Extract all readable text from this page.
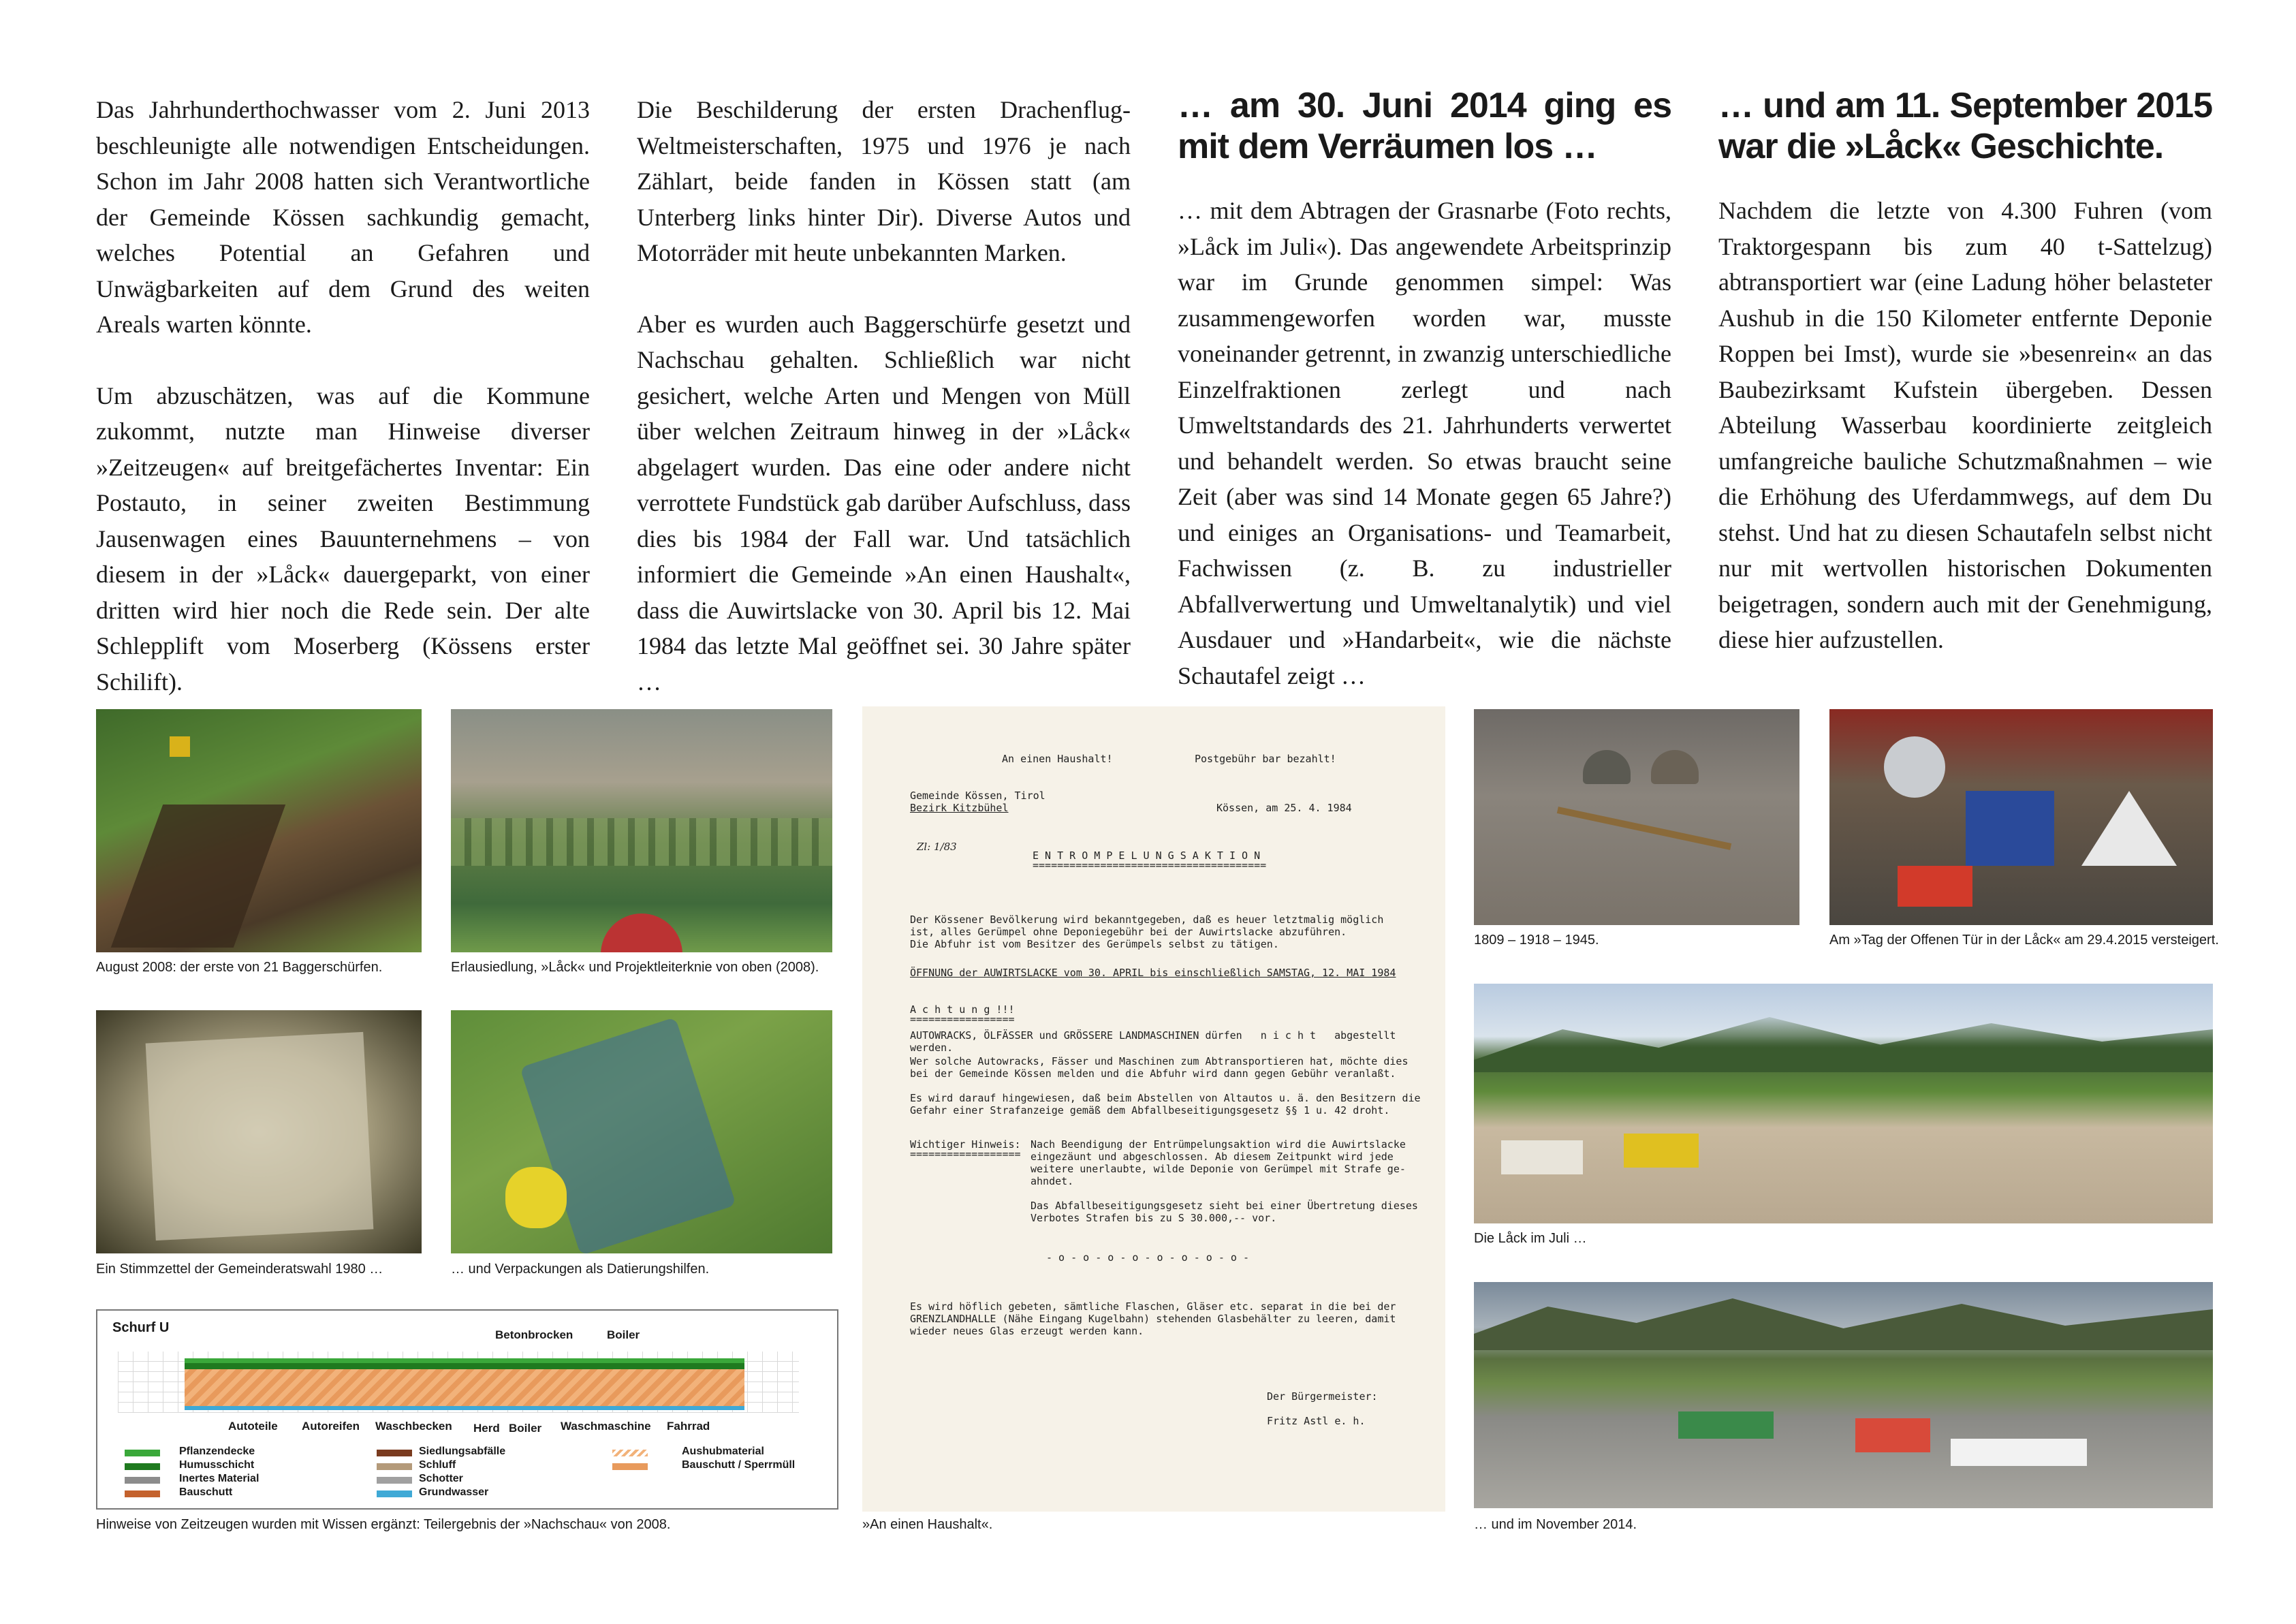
Das Jahrhunderthochwasser vom 2. Juni 2013 beschleunigte alle notwendigen Entscheidungen. Schon im Jahr 2008 hatten sich Verantwortliche der Gemeinde Kössen sachkundig gemacht, welches Potential an Gefahren und Unwägbarkeiten auf dem Grund des weiten Areals warten könnte.

Um abzuschätzen, was auf die Kommune zukommt, nutzte man Hinweise diverser »Zeitzeugen« auf breitgefächertes Inventar: Ein Postauto, in seiner zweiten Bestimmung Jausenwagen eines Bauunternehmens – von diesem in der »Låck« dauergeparkt, von einer dritten wird hier noch die Rede sein. Der alte Schlepplift vom Moserberg (Kössens erster Schilift).

Die Beschilderung der ersten Drachenflug-Weltmeisterschaften, 1975 und 1976 je nach Zählart, beide fanden in Kössen statt (am Unterberg links hinter Dir). Diverse Autos und Motorräder mit heute unbekannten Marken.

Aber es wurden auch Baggerschürfe gesetzt und Nachschau gehalten. Schließlich war nicht gesichert, welche Arten und Mengen von Müll über welchen Zeitraum hinweg in der »Låck« abgelagert wurden. Das eine oder andere nicht verrottete Fundstück gab darüber Aufschluss, dass dies bis 1984 der Fall war. Und tatsächlich informiert die Gemeinde »An einen Haushalt«, dass die Auwirtslacke von 30. April bis 12. Mai 1984 das letzte Mal geöffnet sei. 30 Jahre später …

… am 30. Juni 2014 ging es mit dem Verräumen los …

… mit dem Abtragen der Grasnarbe (Foto rechts, »Låck im Juli«). Das angewendete Arbeitsprinzip war im Grunde genommen simpel: Was zusammengeworfen worden war, musste voneinander getrennt, in zwanzig unterschiedliche Einzelfraktionen zerlegt und nach Umweltstandards des 21. Jahrhunderts verwertet und behandelt werden. So etwas braucht seine Zeit (aber was sind 14 Monate gegen 65 Jahre?) und einiges an Organisations- und Teamarbeit, Fachwissen (z. B. zu industrieller Abfallverwertung und Umweltanalytik) und viel Ausdauer und »Handarbeit«, wie die nächste Schautafel zeigt …

… und am 11. September 2015 war die »Låck« Geschichte.

Nachdem die letzte von 4.300 Fuhren (vom Traktorgespann bis zum 40 t-Sattelzug) abtransportiert war (eine Ladung höher belasteter Aushub in die 150 Kilometer entfernte Deponie Roppen bei Imst), wurde sie »besenrein« an das Baubezirksamt Kufstein übergeben. Dessen Abteilung Wasserbau koordinierte zeitgleich umfangreiche bauliche Schutzmaßnahmen – wie die Erhöhung des Uferdammwegs, auf dem Du stehst. Und hat zu diesen Schautafeln selbst nicht nur mit wertvollen historischen Dokumenten beigetragen, sondern auch mit der Genehmigung, diese hier aufzustellen.

August 2008: der erste von 21 Baggerschürfen.	Erlausiedlung, »Låck« und Projektleiterknie von oben (2008).
Ein Stimmzettel der Gemeinderatswahl 1980 …	… und Verpackungen als Datierungshilfen.
Schurf U	Betonbrocken	Boiler
Autoteile Autoreifen Waschbecken Herd Boiler Waschmaschine Fahrrad
Pflanzendecke
Humusschicht
Inertes Material
Bauschutt
Siedlungsabfälle
Schluff
Schotter
Grundwasser
Aushubmaterial
Bauschutt / Sperrmüll
Hinweise von Zeitzeugen wurden mit Wissen ergänzt: Teilergebnis der »Nachschau« von 2008.
An einen Haushalt!	Postgebühr bar bezahlt!
Gemeinde Kössen, Tirol
Bezirk Kitzbühel	Kössen, am 25. 4. 1984
Zl: 1/83
E N T R O M P E L U N G S A K T I O N
======================================
Der Kössener Bevölkerung wird bekanntgegeben, daß es heuer letztmalig möglich
ist, alles Gerümpel ohne Deponiegebühr bei der Auwirtslacke abzuführen.
Die Abfuhr ist vom Besitzer des Gerümpels selbst zu tätigen.
ÖFFNUNG der AUWIRTSLACKE vom 30. APRIL bis einschließlich SAMSTAG, 12. MAI 1984
A c h t u n g !!!
=================
AUTOWRACKS, ÖLFÄSSER und GRÖSSERE LANDMASCHINEN dürfen   n i c h t   abgestellt
werden.
Wer solche Autowracks, Fässer und Maschinen zum Abtransportieren hat, möchte dies
bei der Gemeinde Kössen melden und die Abfuhr wird dann gegen Gebühr veranlaßt.
Es wird darauf hingewiesen, daß beim Abstellen von Altautos u. ä. den Besitzern die
Gefahr einer Strafanzeige gemäß dem Abfallbeseitigungsgesetz §§ 1 u. 42 droht.
Wichtiger Hinweis:
==================
Nach Beendigung der Entrümpelungsaktion wird die Auwirtslacke
eingezäunt und abgeschlossen. Ab diesem Zeitpunkt wird jede
weitere unerlaubte, wilde Deponie von Gerümpel mit Strafe ge-
ahndet.
Das Abfallbeseitigungsgesetz sieht bei einer Übertretung dieses
Verbotes Strafen bis zu S 30.000,-- vor.
- o - o - o - o - o - o - o - o -
Es wird höflich gebeten, sämtliche Flaschen, Gläser etc. separat in die bei der
GRENZLANDHALLE (Nähe Eingang Kugelbahn) stehenden Glasbehälter zu leeren, damit
wieder neues Glas erzeugt werden kann.
Der Bürgermeister:
Fritz Astl e. h.
»An einen Haushalt«.
1809 – 1918 – 1945.	Am »Tag der Offenen Tür in der Låck« am 29.4.2015 versteigert.
Die Låck im Juli …
… und im November 2014.
